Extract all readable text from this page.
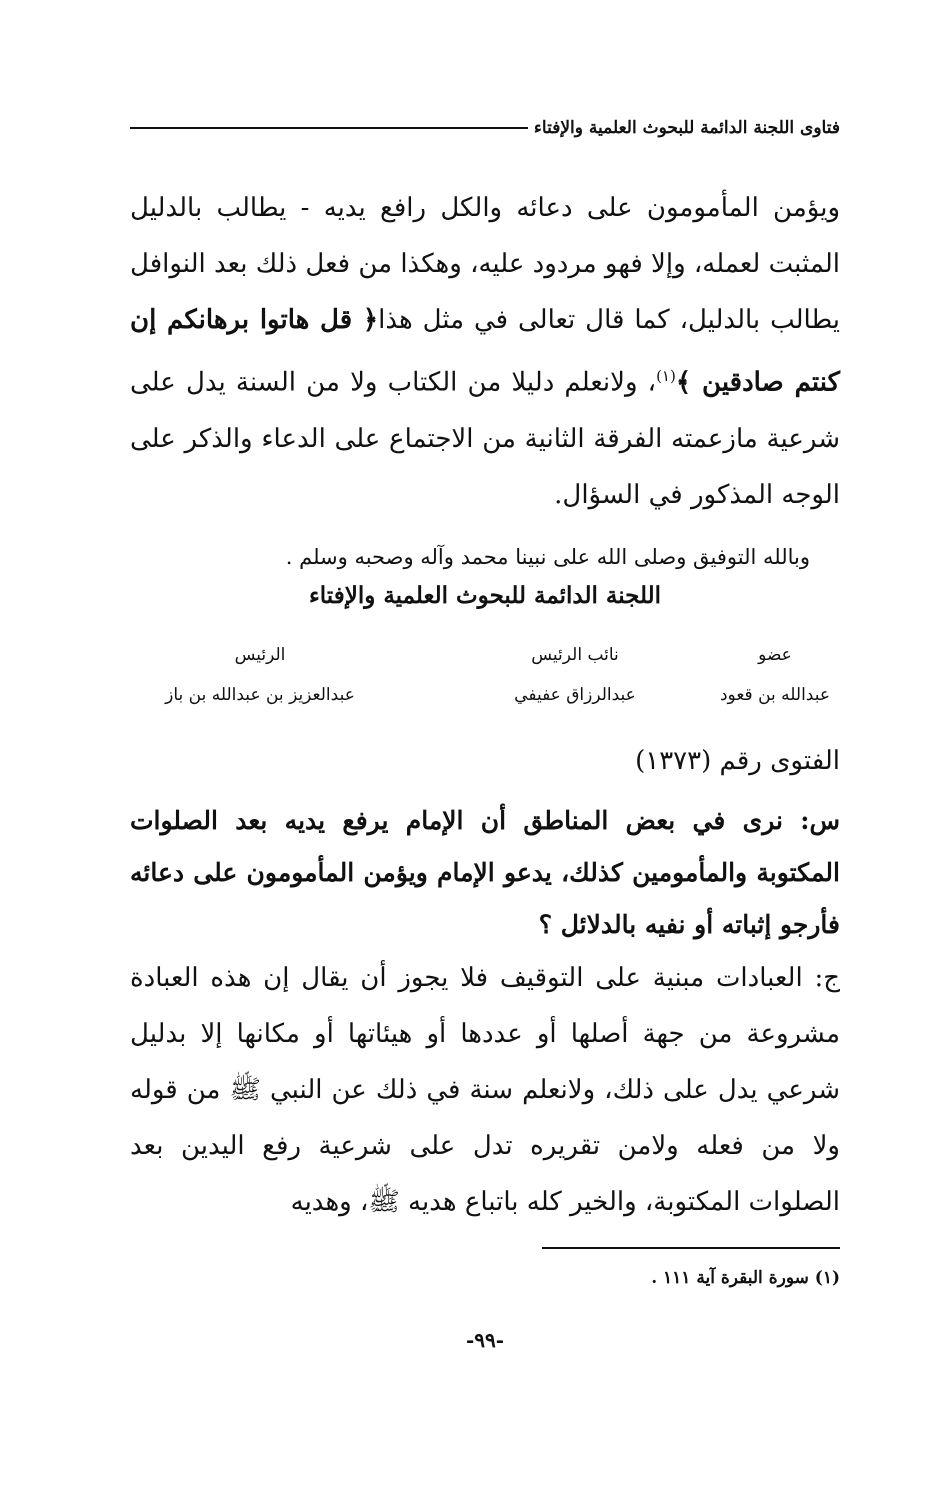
فتاوى اللجنة الدائمة للبحوث العلمية والإفتاء
ويؤمن المأمومون على دعائه والكل رافع يديه - يطالب بالدليل المثبت لعمله، وإلا فهو مردود عليه، وهكذا من فعل ذلك بعد النوافل يطالب بالدليل، كما قال تعالى في مثل هذا﴿ قل هاتوا برهانكم إن كنتم صادقين ﴾$^{(١)}$، ولانعلم دليلا من الكتاب ولا من السنة يدل على شرعية مازعمته الفرقة الثانية من الاجتماع على الدعاء والذكر على الوجه المذكور في السؤال.
وبالله التوفيق وصلى الله على نبينا محمد وآله وصحبه وسلم .
اللجنة الدائمة للبحوث العلمية والإفتاء
عضو
عبدالله بن قعود
نائب الرئيس
عبدالرزاق عفيفي
الرئيس
عبدالعزيز بن عبدالله بن باز
الفتوى رقم (١٣٧٣)
س: نرى في بعض المناطق أن الإمام يرفع يديه بعد الصلوات المكتوبة والمأمومين كذلك، يدعو الإمام ويؤمن المأمومون على دعائه فأرجو إثباته أو نفيه بالدلائل ؟
ج: العبادات مبنية على التوقيف فلا يجوز أن يقال إن هذه العبادة مشروعة من جهة أصلها أو عددها أو هيئاتها أو مكانها إلا بدليل شرعي يدل على ذلك، ولانعلم سنة في ذلك عن النبي ﷺ من قوله ولا من فعله ولامن تقريره تدل على شرعية رفع اليدين بعد الصلوات المكتوبة، والخير كله باتباع هديه ﷺ، وهديه
(١) سورة البقرة آية ١١١ .
-٩٩-
